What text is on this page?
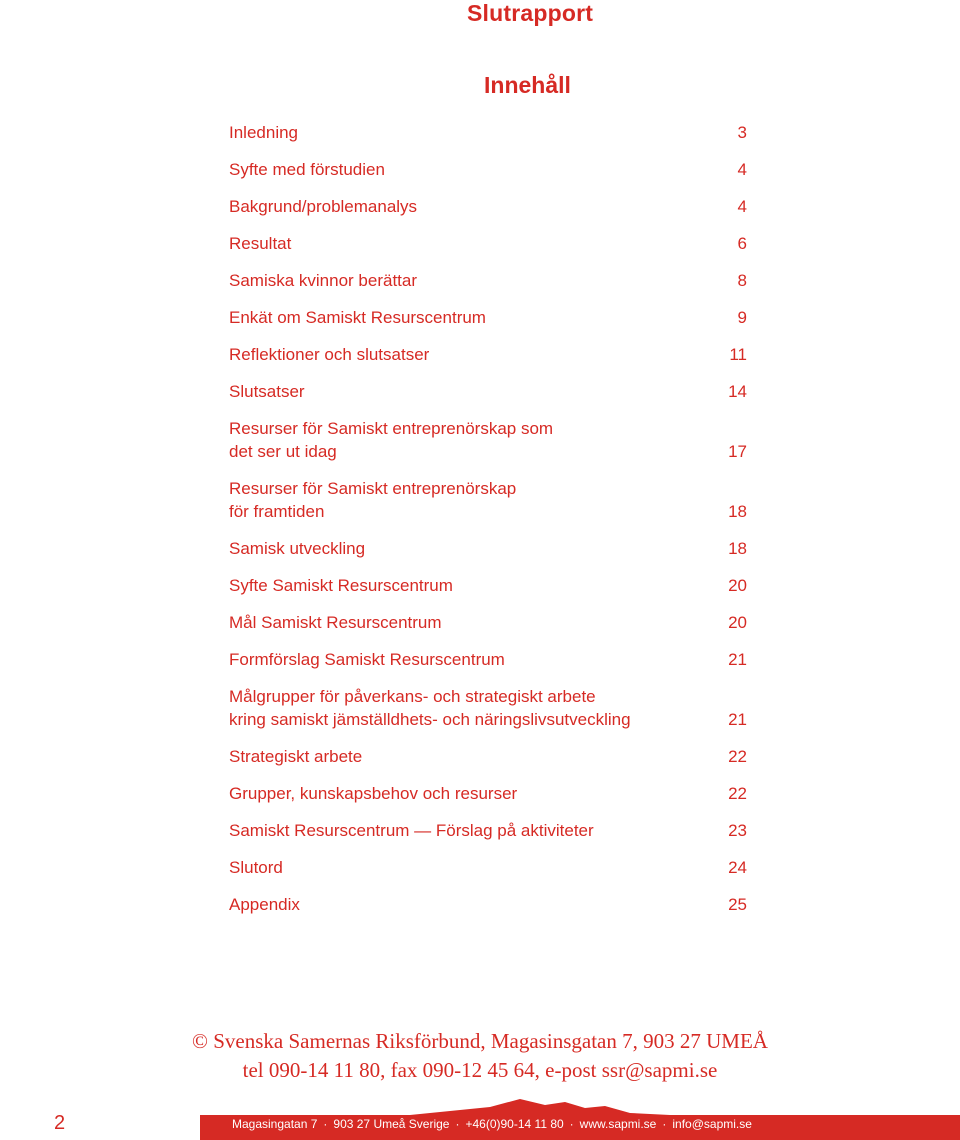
Slutrapport
Innehåll
Inledning	3
Syfte med förstudien	4
Bakgrund/problemanalys	4
Resultat	6
Samiska kvinnor berättar	8
Enkät om Samiskt Resurscentrum	9
Reflektioner och slutsatser	11
Slutsatser	14
Resurser för Samiskt entreprenörskap som
det ser ut idag	17
Resurser för Samiskt entreprenörskap
för framtiden	18
Samisk utveckling	18
Syfte Samiskt Resurscentrum	20
Mål Samiskt Resurscentrum	20
Formförslag Samiskt Resurscentrum	21
Målgrupper för påverkans- och strategiskt arbete
kring samiskt jämställdhets- och näringslivsutveckling	21
Strategiskt arbete	22
Grupper, kunskapsbehov och resurser	22
Samiskt Resurscentrum — Förslag på aktiviteter	23
Slutord	24
Appendix	25
© Svenska Samernas Riksförbund, Magasinsgatan 7, 903 27 UMEÅ
tel 090-14 11 80, fax 090-12 45 64, e-post ssr@sapmi.se
2	Magasingatan 7 · 903 27 Umeå Sverige · +46(0)90-14 11 80 · www.sapmi.se · info@sapmi.se
